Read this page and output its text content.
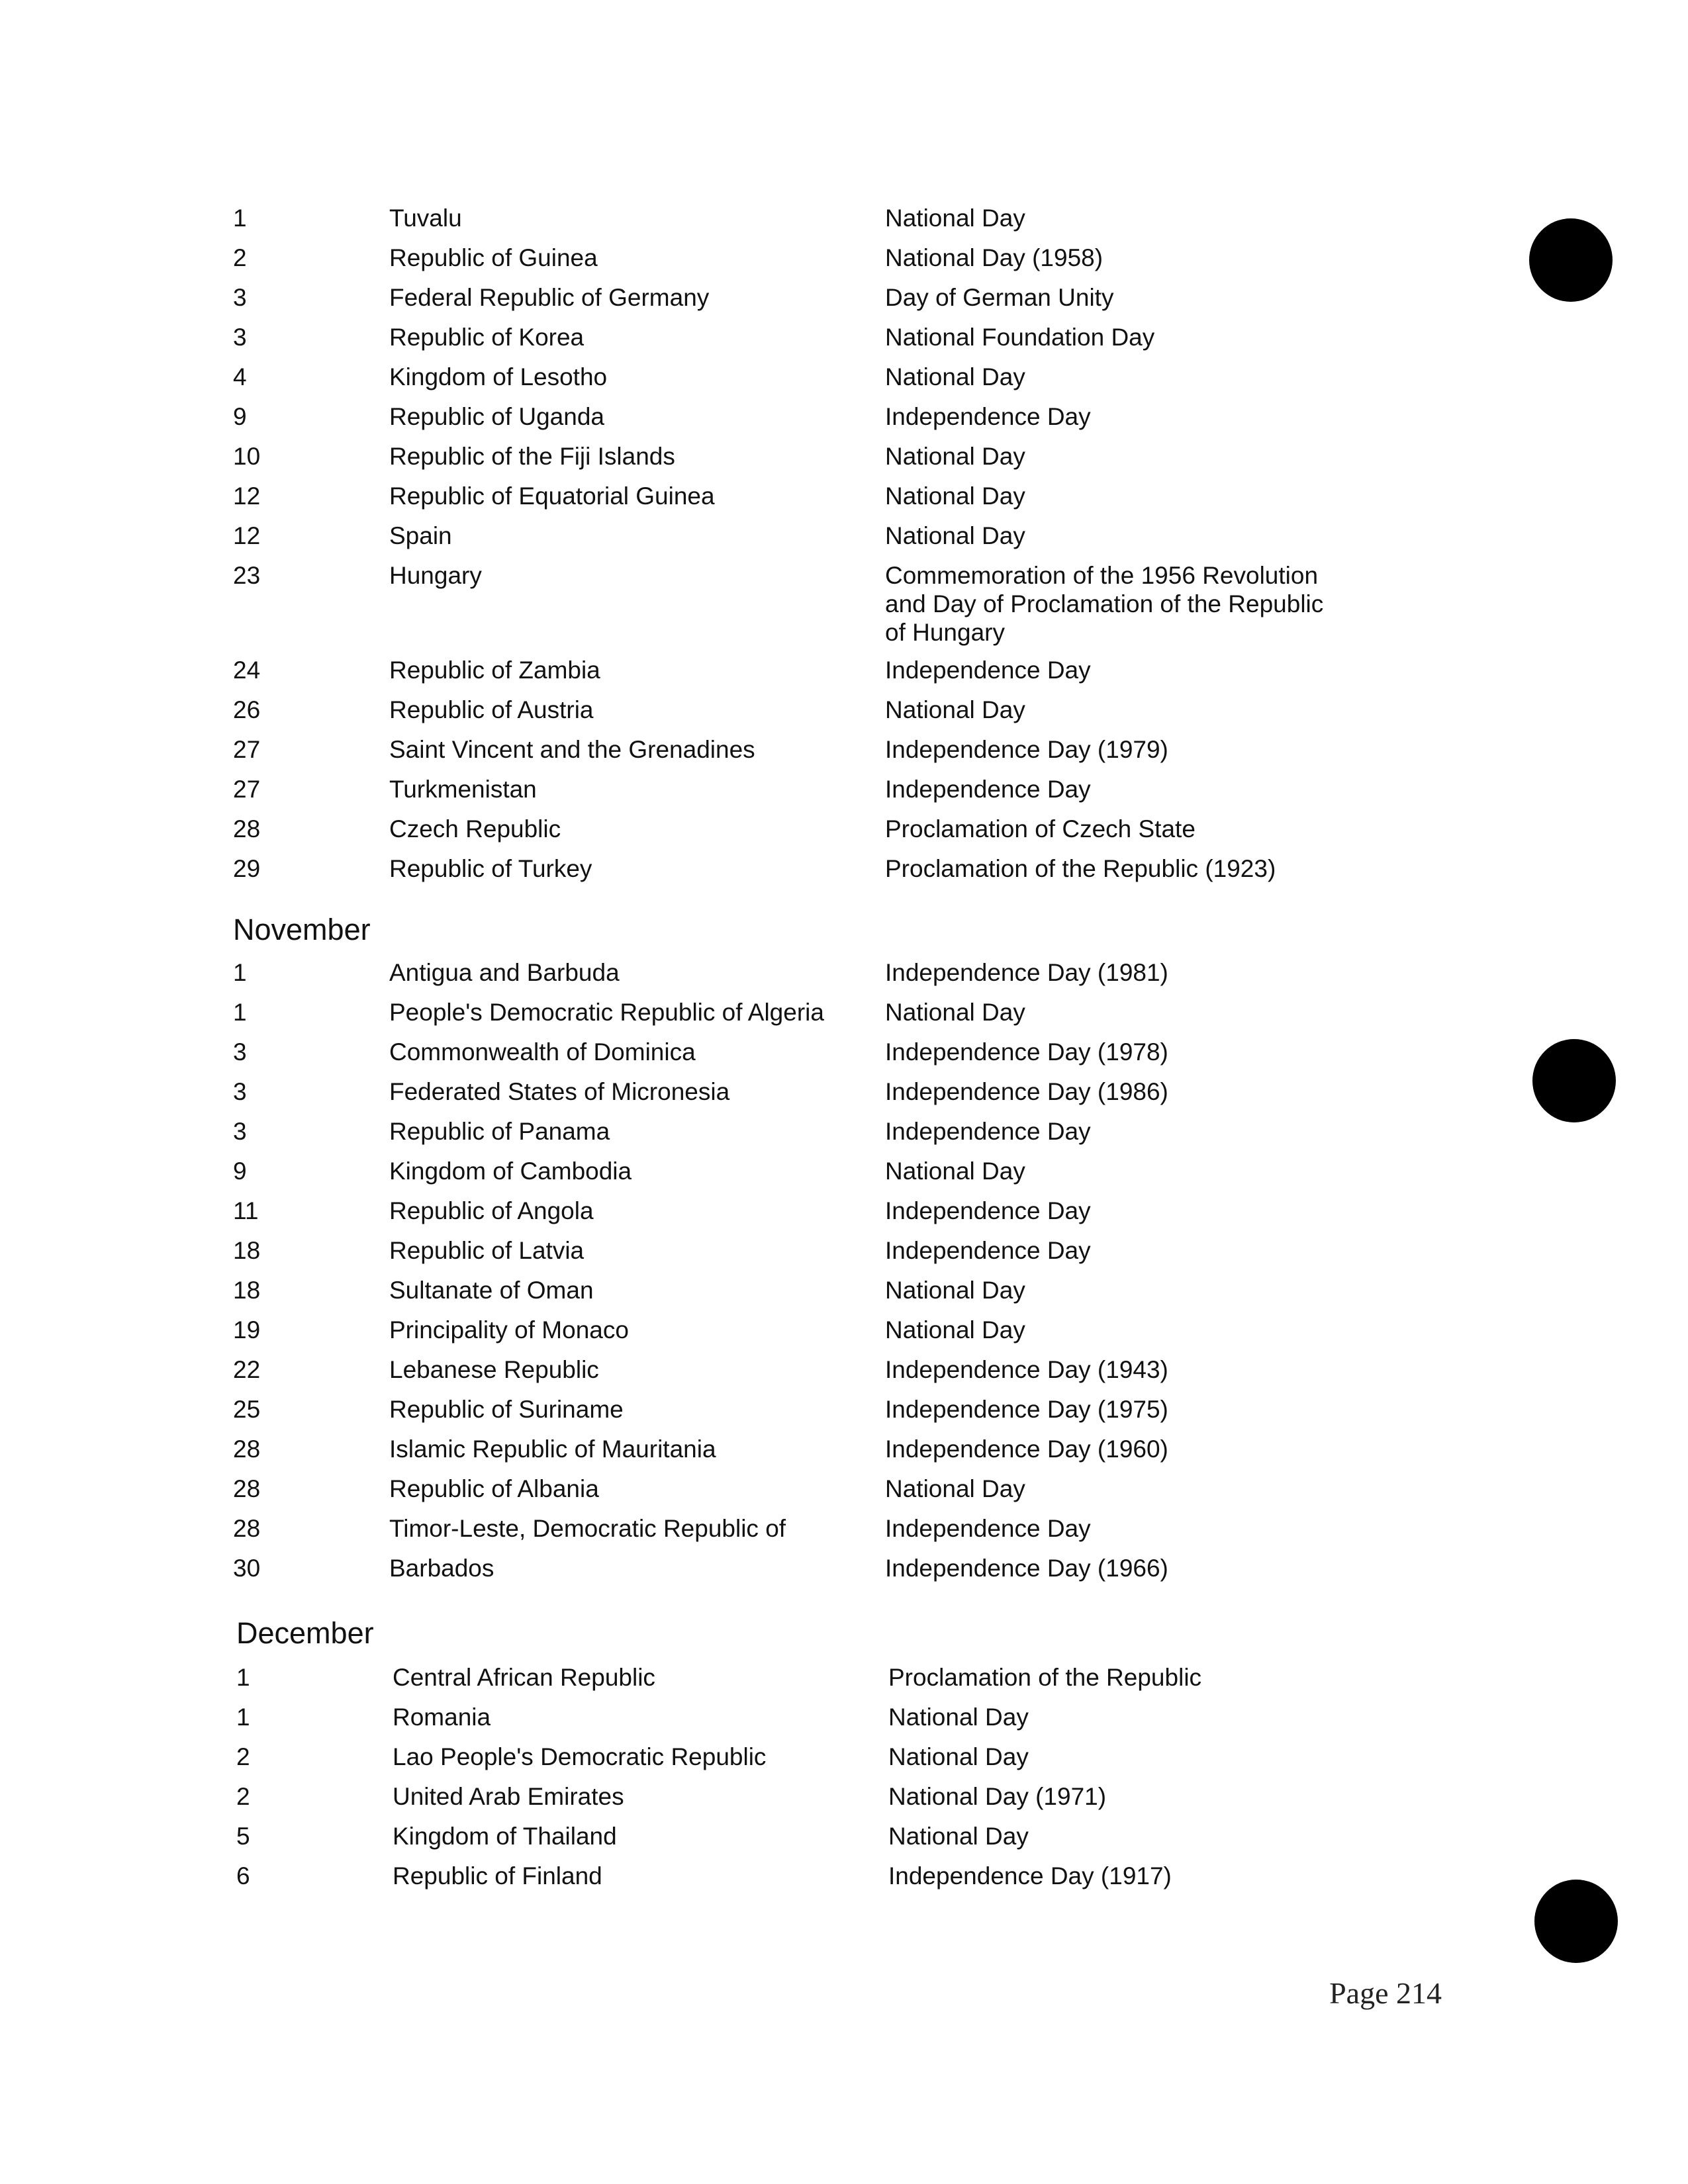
1	Tuvalu	National Day
2	Republic of Guinea	National Day (1958)
3	Federal Republic of Germany	Day of German Unity
3	Republic of Korea	National Foundation Day
4	Kingdom of Lesotho	National Day
9	Republic of Uganda	Independence Day
10	Republic of the Fiji Islands	National Day
12	Republic of Equatorial Guinea	National Day
12	Spain	National Day
23	Hungary	Commemoration of the 1956 Revolution and Day of Proclamation of the Republic of Hungary
24	Republic of Zambia	Independence Day
26	Republic of Austria	National Day
27	Saint Vincent and the Grenadines	Independence Day (1979)
27	Turkmenistan	Independence Day
28	Czech Republic	Proclamation of Czech State
29	Republic of Turkey	Proclamation of the Republic (1923)
November
1	Antigua and Barbuda	Independence Day (1981)
1	People's Democratic Republic of Algeria	National Day
3	Commonwealth of Dominica	Independence Day (1978)
3	Federated States of Micronesia	Independence Day (1986)
3	Republic of Panama	Independence Day
9	Kingdom of Cambodia	National Day
11	Republic of Angola	Independence Day
18	Republic of Latvia	Independence Day
18	Sultanate of Oman	National Day
19	Principality of Monaco	National Day
22	Lebanese Republic	Independence Day (1943)
25	Republic of Suriname	Independence Day (1975)
28	Islamic Republic of Mauritania	Independence Day (1960)
28	Republic of Albania	National Day
28	Timor-Leste, Democratic Republic of	Independence Day
30	Barbados	Independence Day (1966)
December
1	Central African Republic	Proclamation of the Republic
1	Romania	National Day
2	Lao People's Democratic Republic	National Day
2	United Arab Emirates	National Day (1971)
5	Kingdom of Thailand	National Day
6	Republic of Finland	Independence Day (1917)
Page 214
